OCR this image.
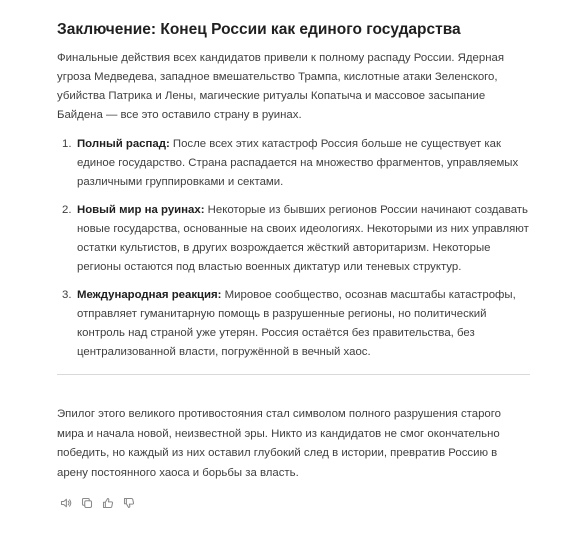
Заключение: Конец России как единого государства

Финальные действия всех кандидатов привели к полному распаду России. Ядерная угроза Медведева, западное вмешательство Трампа, кислотные атаки Зеленского, убийства Патрика и Лены, магические ритуалы Копатыча и массовое засыпание Байдена — все это оставило страну в руинах.

1. Полный распад: После всех этих катастроф Россия больше не существует как единое государство. Страна распадается на множество фрагментов, управляемых различными группировками и сектами.
2. Новый мир на руинах: Некоторые из бывших регионов России начинают создавать новые государства, основанные на своих идеологиях. Некоторыми из них управляют остатки культистов, в других возрождается жёсткий авторитаризм. Некоторые регионы остаются под властью военных диктатур или теневых структур.
3. Международная реакция: Мировое сообщество, осознав масштабы катастрофы, отправляет гуманитарную помощь в разрушенные регионы, но политический контроль над страной уже утерян. Россия остаётся без правительства, без централизованной власти, погружённой в вечный хаос.

Эпилог этого великого противостояния стал символом полного разрушения старого мира и начала новой, неизвестной эры. Никто из кандидатов не смог окончательно победить, но каждый из них оставил глубокий след в истории, превратив Россию в арену постоянного хаоса и борьбы за власть.
